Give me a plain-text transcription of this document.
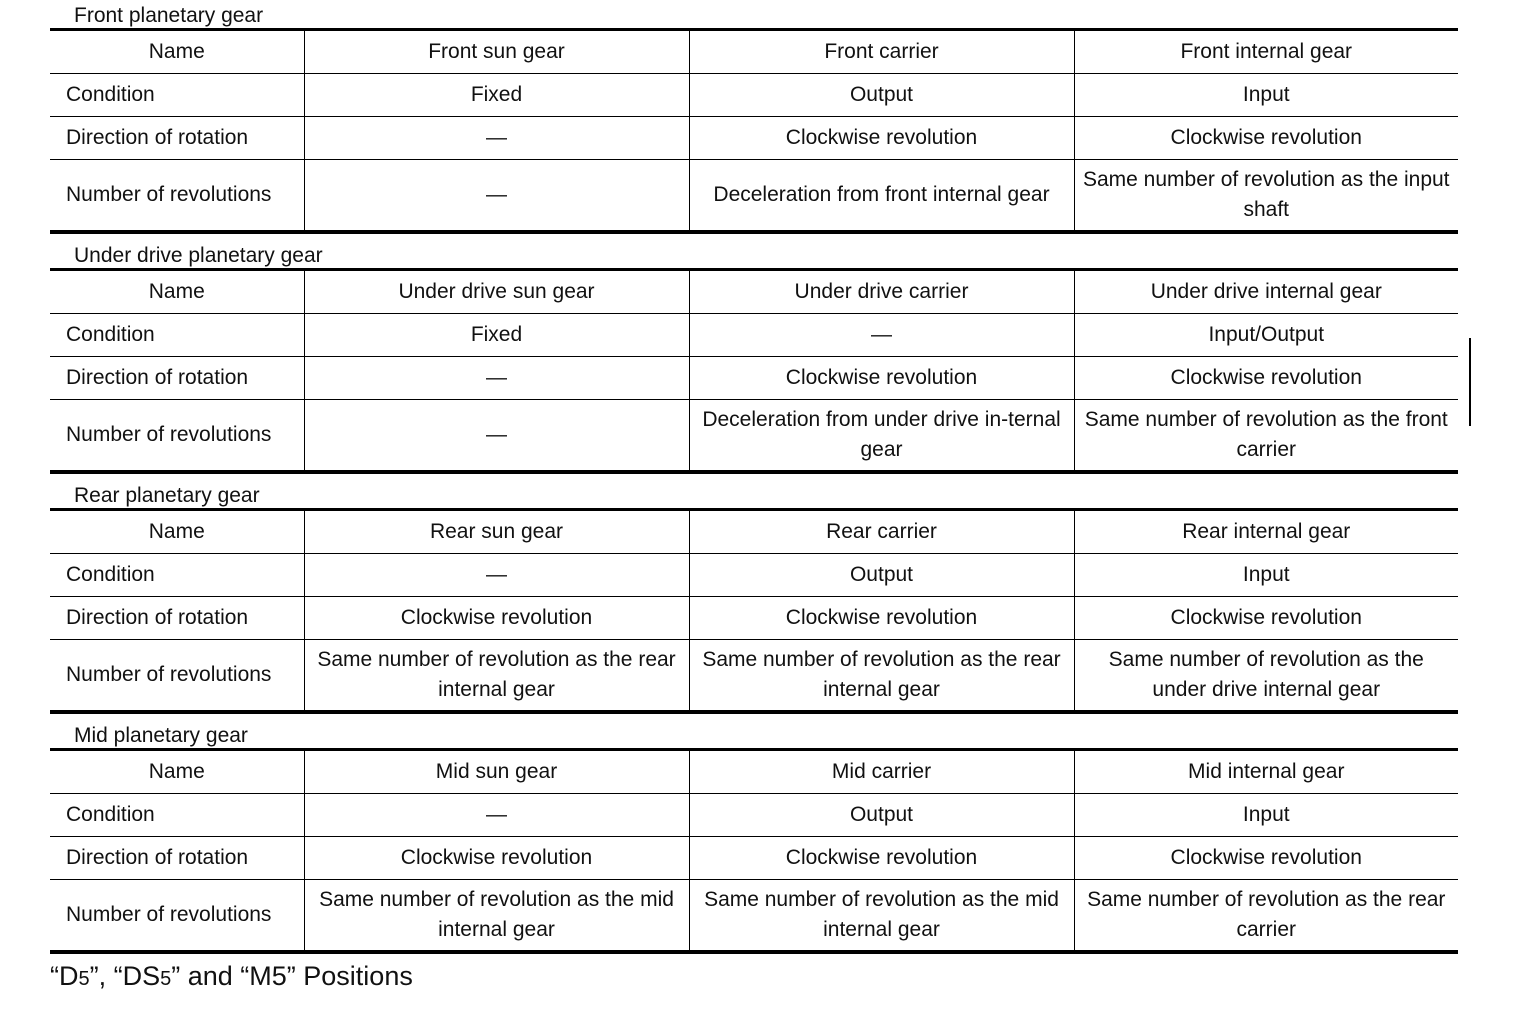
Front planetary gear
Name	Front sun gear	Front carrier	Front internal gear
Condition	Fixed	Output	Input
Direction of rotation	—	Clockwise revolution	Clockwise revolution
Number of revolutions	—	Deceleration from front internal gear	Same number of revolution as the input shaft
Under drive planetary gear
Name	Under drive sun gear	Under drive carrier	Under drive internal gear
Condition	Fixed	—	Input/Output
Direction of rotation	—	Clockwise revolution	Clockwise revolution
Number of revolutions	—	Deceleration from under drive in-ternal gear	Same number of revolution as the front carrier
Rear planetary gear
Name	Rear sun gear	Rear carrier	Rear internal gear
Condition	—	Output	Input
Direction of rotation	Clockwise revolution	Clockwise revolution	Clockwise revolution
Number of revolutions	Same number of revolution as the rear internal gear	Same number of revolution as the rear internal gear	Same number of revolution as the under drive internal gear
Mid planetary gear
Name	Mid sun gear	Mid carrier	Mid internal gear
Condition	—	Output	Input
Direction of rotation	Clockwise revolution	Clockwise revolution	Clockwise revolution
Number of revolutions	Same number of revolution as the mid internal gear	Same number of revolution as the mid internal gear	Same number of revolution as the rear carrier
“D5”, “DS5” and “M5” Positions
